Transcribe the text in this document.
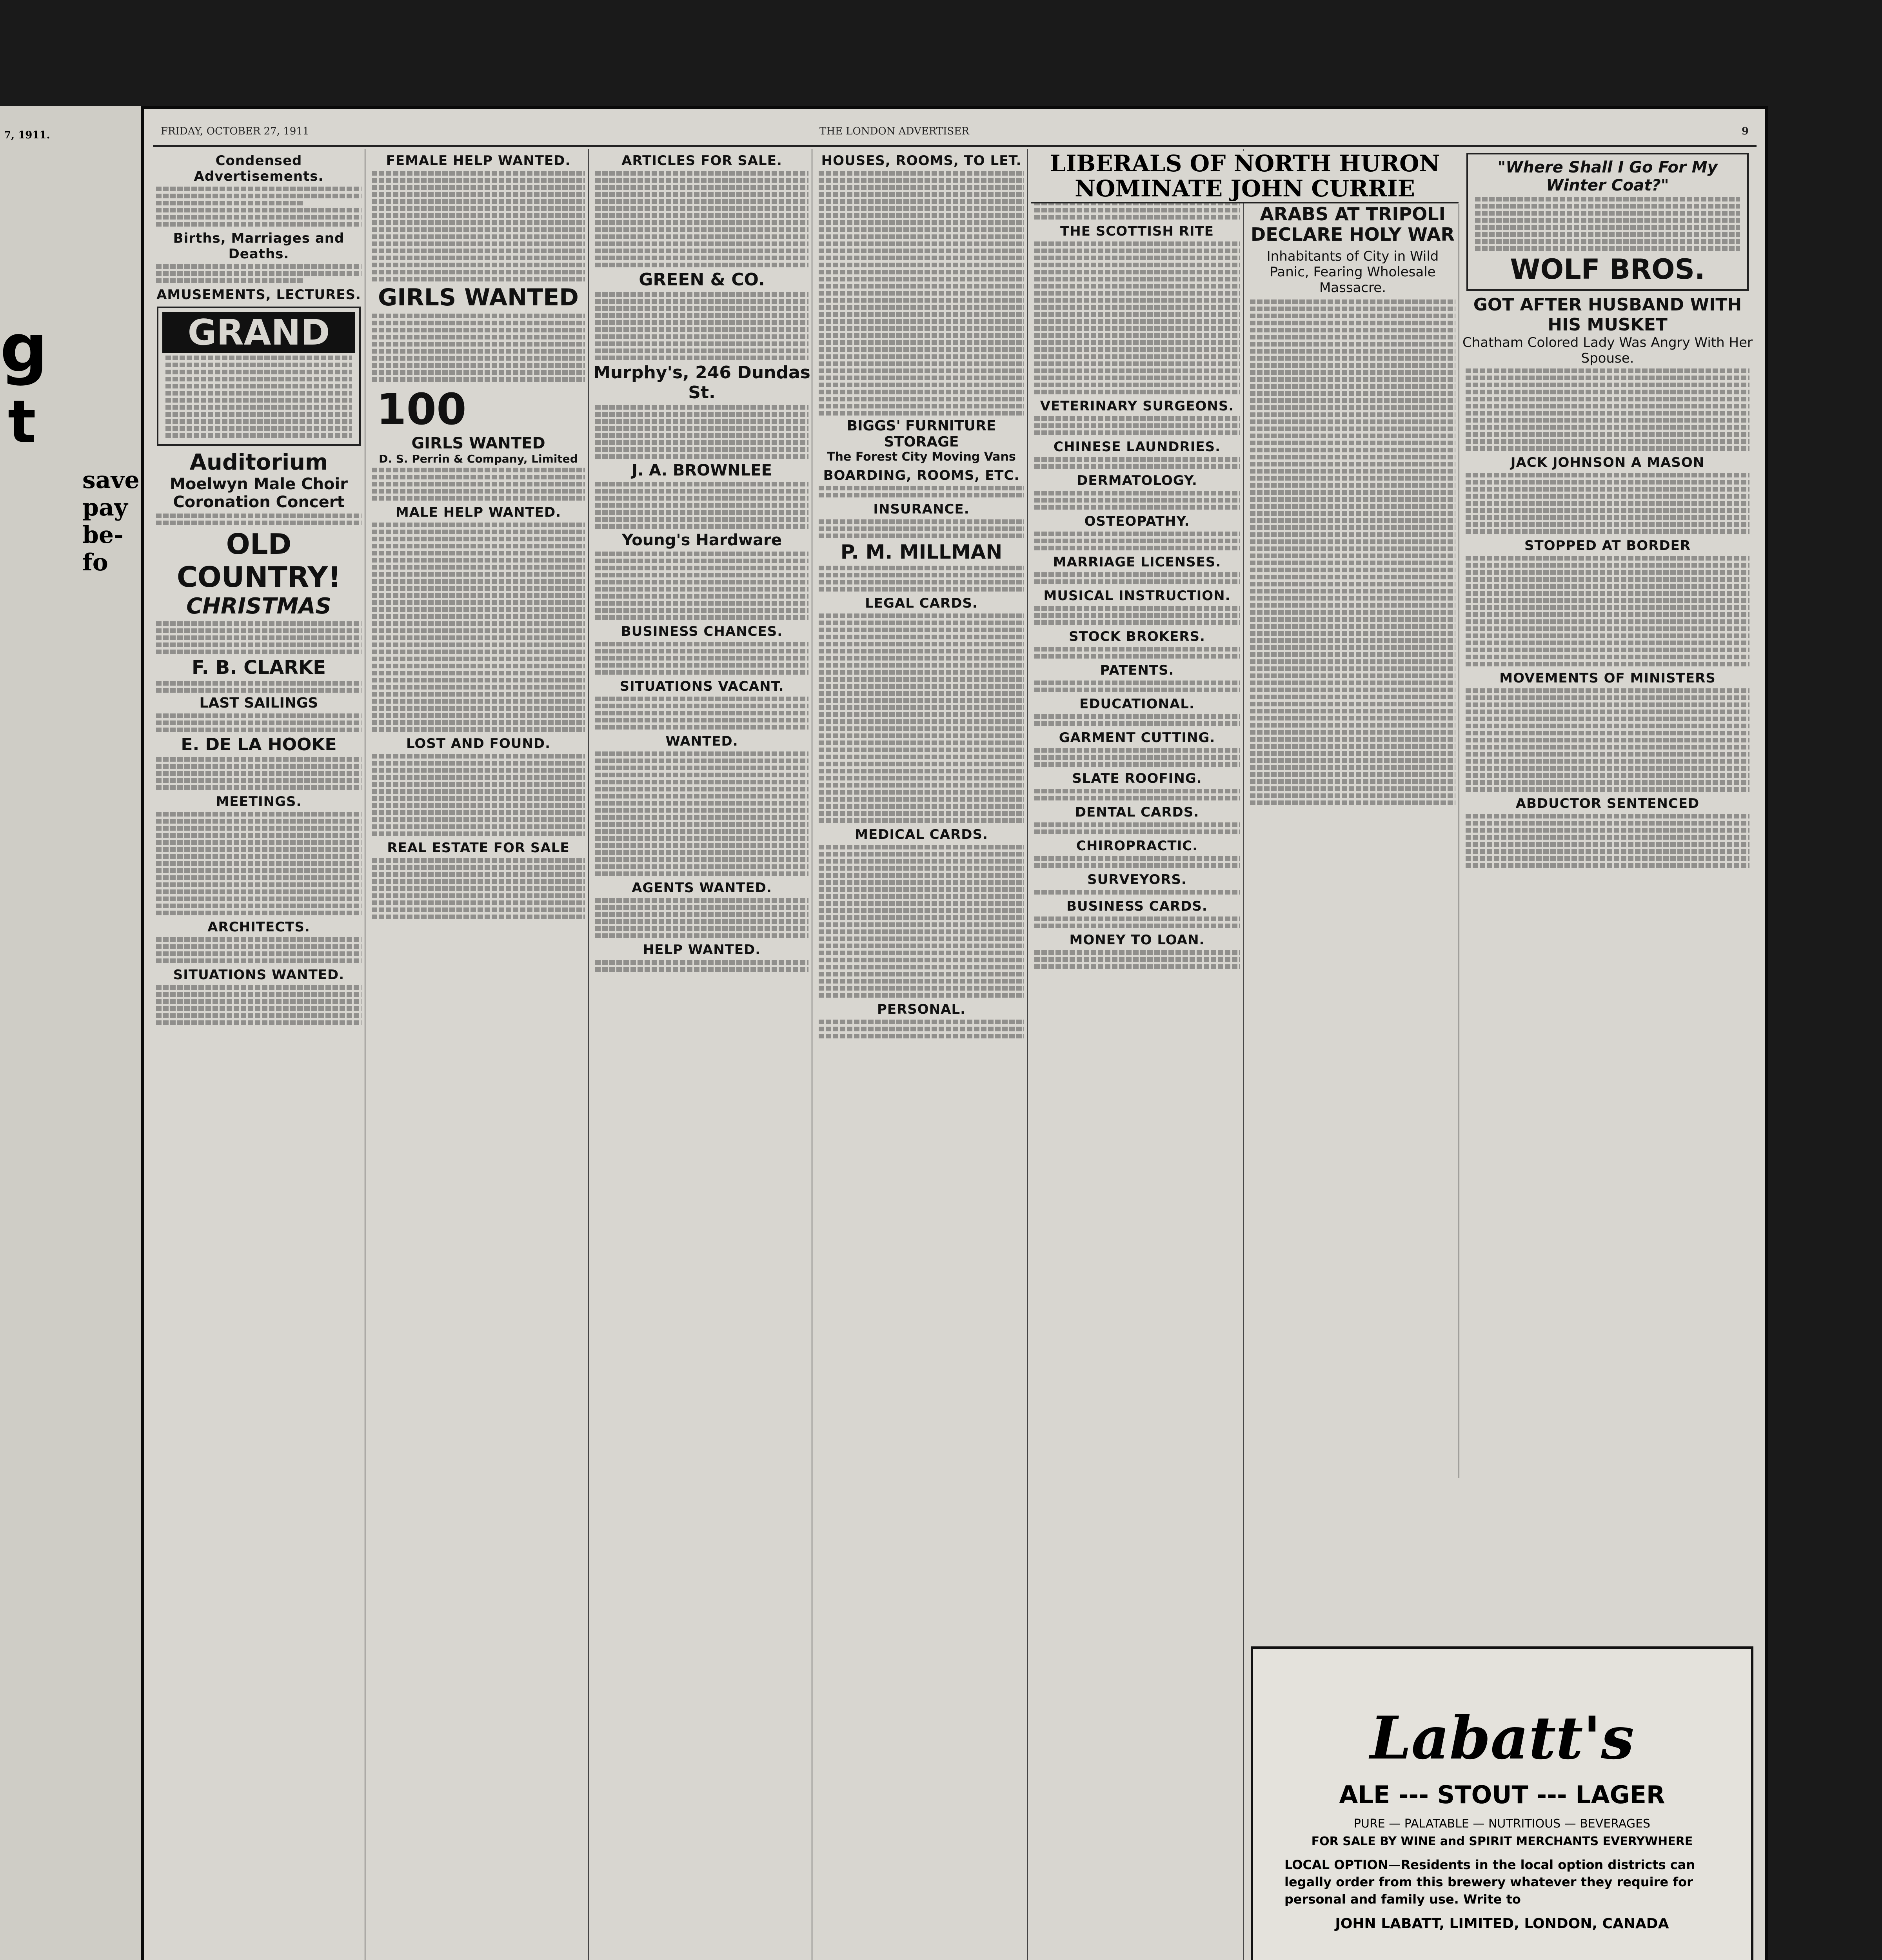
7, 1911.
g
t
save
pay
be-
fo
FRIDAY, OCTOBER 27, 1911	THE LONDON ADVERTISER	9
Condensed Advertisements.
Births, Marriages and Deaths.
AMUSEMENTS, LECTURES.
GRAND
Auditorium
Moelwyn Male Choir
Coronation Concert
OLD COUNTRY!
CHRISTMAS
F. B. CLARKE
LAST SAILINGS
E. DE LA HOOKE
MEETINGS.
ARCHITECTS.
SITUATIONS WANTED.
FEMALE HELP WANTED.
GIRLS WANTED
100
GIRLS WANTED
D. S. Perrin & Company, Limited
MALE HELP WANTED.
LOST AND FOUND.
REAL ESTATE FOR SALE
ARTICLES FOR SALE.
GREEN & CO.
Murphy's, 246 Dundas St.
J. A. BROWNLEE
Young's Hardware
BUSINESS CHANCES.
SITUATIONS VACANT.
WANTED.
AGENTS WANTED.
HELP WANTED.
HOUSES, ROOMS, TO LET.
BIGGS' FURNITURE STORAGE
The Forest City Moving Vans
BOARDING, ROOMS, ETC.
INSURANCE.
P. M. MILLMAN
LEGAL CARDS.
MEDICAL CARDS.
PERSONAL.
THE SCOTTISH RITE
VETERINARY SURGEONS.
CHINESE LAUNDRIES.
DERMATOLOGY.
OSTEOPATHY.
MARRIAGE LICENSES.
MUSICAL INSTRUCTION.
STOCK BROKERS.
PATENTS.
EDUCATIONAL.
GARMENT CUTTING.
SLATE ROOFING.
DENTAL CARDS.
CHIROPRACTIC.
SURVEYORS.
BUSINESS CARDS.
MONEY TO LOAN.
LIBERALS OF NORTH HURON NOMINATE JOHN CURRIE
ARABS AT TRIPOLI DECLARE HOLY WAR
Inhabitants of City in Wild Panic, Fearing Wholesale Massacre.
"Where Shall I Go For My Winter Coat?"
WOLF BROS.
GOT AFTER HUSBAND WITH HIS MUSKET
Chatham Colored Lady Was Angry With Her Spouse.
JACK JOHNSON A MASON
STOPPED AT BORDER
MOVEMENTS OF MINISTERS
ABDUCTOR SENTENCED
Labatt's
ALE --- STOUT --- LAGER
PURE — PALATABLE — NUTRITIOUS — BEVERAGES
FOR SALE BY WINE and SPIRIT MERCHANTS EVERYWHERE
LOCAL OPTION—Residents in the local option districts can legally order from this brewery whatever they require for personal and family use. Write to
JOHN LABATT, LIMITED, LONDON, CANADA
